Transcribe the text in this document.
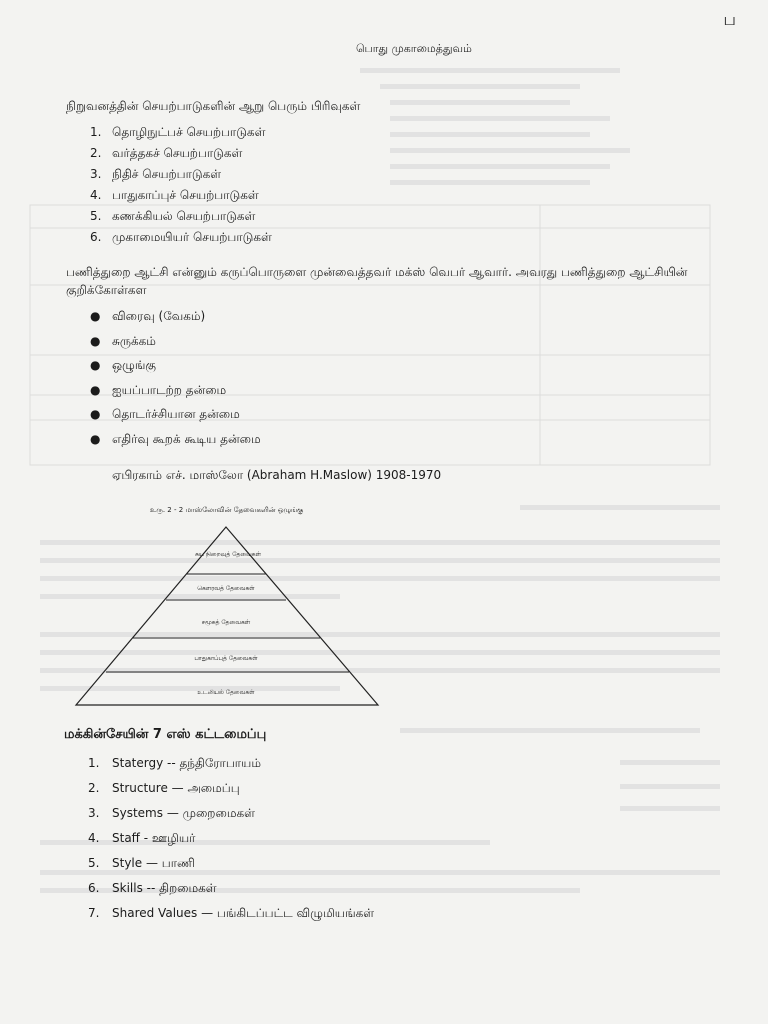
ப
பொது முகாமைத்துவம்
நிறுவனத்தின் செயற்பாடுகளின் ஆறு பெரும் பிரிவுகள்
1. தொழிநுட்பச் செயற்பாடுகள்
2. வர்த்தகச் செயற்பாடுகள்
3. நிதிச் செயற்பாடுகள்
4. பாதுகாப்புச் செயற்பாடுகள்
5. கணக்கியல் செயற்பாடுகள்
6. முகாமையியர் செயற்பாடுகள்
பணித்துறை ஆட்சி என்னும் கருப்பொருளை முன்வைத்தவர் மக்ஸ் வெபர் ஆவார். அவரது பணித்துறை ஆட்சியின் குறிக்கோள்கள
● விரைவு (வேகம்)
● சுருக்கம்
● ஒழுங்கு
● ஐயப்பாடற்ற தன்மை
● தொடர்ச்சியான தன்மை
● எதிர்வு கூறக் கூடிய தன்மை
ஏபிரகாம் எச். மாஸ்லோ (Abraham H.Maslow) 1908-1970
உரு. 2 - 2 மாஸ்லோவின் தேவைகளின் ஒழுங்கு
சுய நிறைவுத் தேவைகள்
கௌரவத் தேவைகள்
சமூகத் தேவைகள்
பாதுகாப்புத் தேவைகள்
உடலியல் தேவைகள்
மக்கின்சேயின் 7 எஸ் கட்டமைப்பு
1. Statergy -- தந்திரோபாயம்
2. Structure — அமைப்பு
3. Systems — முறைமைகள்
4. Staff - ஊழியர்
5. Style — பாணி
6. Skills -- திறமைகள்
7. Shared Values — பங்கிடப்பட்ட விழுமியங்கள்
